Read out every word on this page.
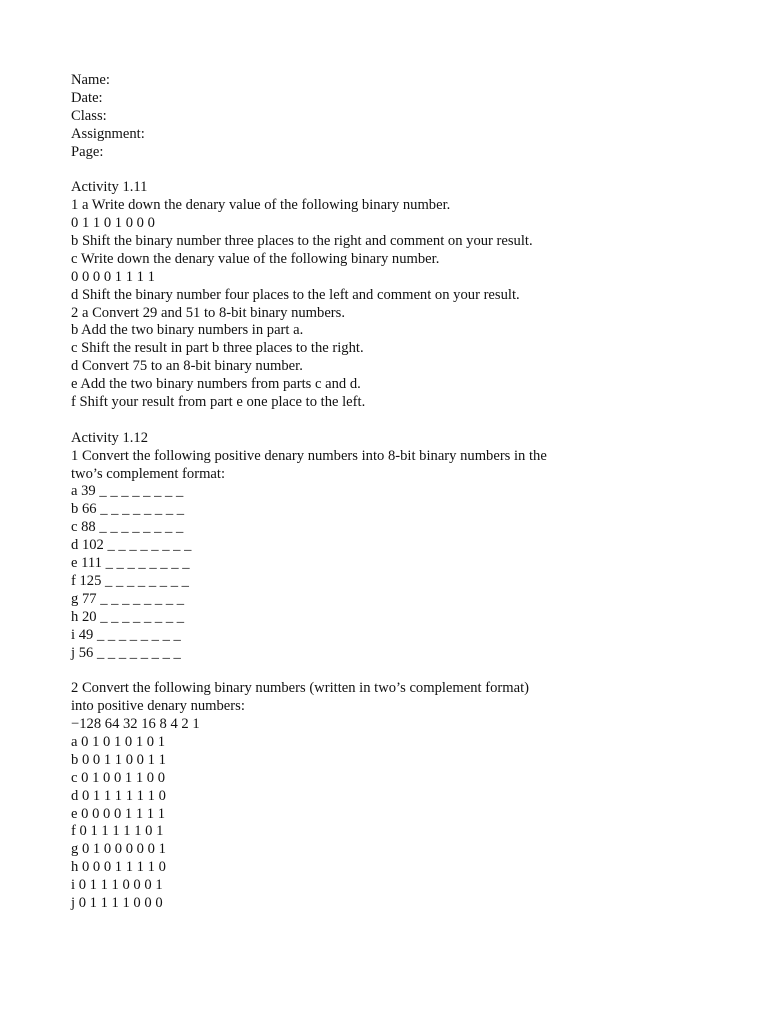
Name:
Date:
Class:
Assignment:
Page:
Activity 1.11
1 a Write down the denary value of the following binary number.
0 1 1 0 1 0 0 0
b Shift the binary number three places to the right and comment on your result.
c Write down the denary value of the following binary number.
0 0 0 0 1 1 1 1
d Shift the binary number four places to the left and comment on your result.
2 a Convert 29 and 51 to 8-bit binary numbers.
b Add the two binary numbers in part a.
c Shift the result in part b three places to the right.
d Convert 75 to an 8-bit binary number.
e Add the two binary numbers from parts c and d.
f Shift your result from part e one place to the left.
Activity 1.12
1 Convert the following positive denary numbers into 8-bit binary numbers in the
two’s complement format:
a 39 _ _ _ _ _ _ _ _
b 66 _ _ _ _ _ _ _ _
c 88 _ _ _ _ _ _ _ _
d 102 _ _ _ _ _ _ _ _
e 111 _ _ _ _ _ _ _ _
f 125 _ _ _ _ _ _ _ _
g 77 _ _ _ _ _ _ _ _
h 20 _ _ _ _ _ _ _ _
i 49 _ _ _ _ _ _ _ _
j 56 _ _ _ _ _ _ _ _
2 Convert the following binary numbers (written in two’s complement format)
into positive denary numbers:
−128 64 32 16 8 4 2 1
a 0 1 0 1 0 1 0 1
b 0 0 1 1 0 0 1 1
c 0 1 0 0 1 1 0 0
d 0 1 1 1 1 1 1 0
e 0 0 0 0 1 1 1 1
f 0 1 1 1 1 1 0 1
g 0 1 0 0 0 0 0 1
h 0 0 0 1 1 1 1 0
i 0 1 1 1 0 0 0 1
j 0 1 1 1 1 0 0 0
